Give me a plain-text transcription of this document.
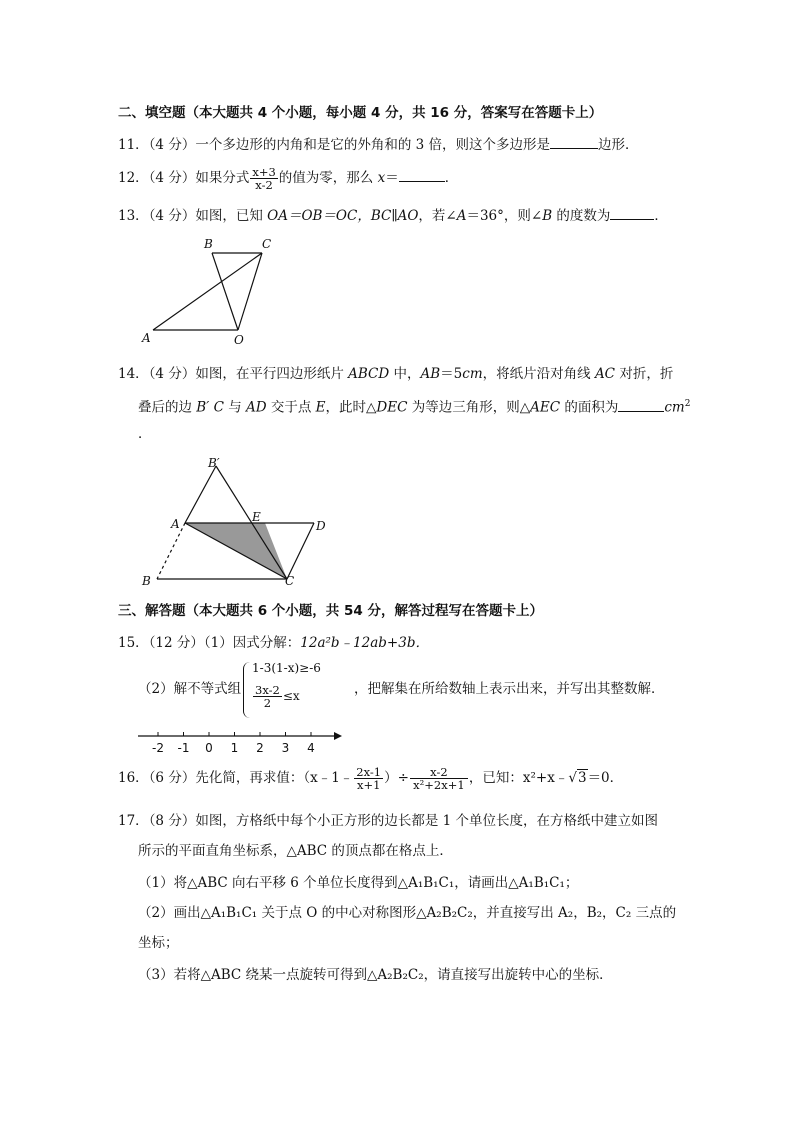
二、填空题（本大题共 4 个小题，每小题 4 分，共 16 分，答案写在答题卡上）
11．（4 分）一个多边形的内角和是它的外角和的 3 倍，则这个多边形是	边形．
12．（4 分）如果分式 $\frac{x+3}{x-2}$ 的值为零，那么 x＝	．
13．（4 分）如图，已知 OA＝OB＝OC，BC∥AO，若∠A＝36°，则∠B 的度数为	．
B	C
A	O
14．（4 分）如图，在平行四边形纸片 ABCD 中，AB＝5cm，将纸片沿对角线 AC 对折，折
叠后的边 B′ C 与 AD 交于点 E，此时△DEC 为等边三角形，则△AEC 的面积为	$cm^2$
．
B′
A	E
D
B	C
三、解答题（本大题共 6 个小题，共 54 分，解答过程写在答题卡上）
15．（12 分）（1）因式分解：12a²b﹣12ab+3b．
（2）解不等式组
1-3(1-x)≥-6
$\frac{3x-2}{2} \le x$	，把解集在所给数轴上表示出来，并写出其整数解．
-2 -1 0 1 2 3 4
16．（6 分）先化简，再求值：（x﹣1﹣ $\frac{2x-1}{x+1}$ ）÷ $\frac{x-2}{\text{x²+2x+1}}$ ，已知：x²+x﹣√3＝0．
17．（8 分）如图，方格纸中每个小正方形的边长都是 1 个单位长度，在方格纸中建立如图
所示的平面直角坐标系，△ABC 的顶点都在格点上．
（1）将△ABC 向右平移 6 个单位长度得到△A₁B₁C₁，请画出△A₁B₁C₁；
（2）画出△A₁B₁C₁ 关于点 O 的中心对称图形△A₂B₂C₂，并直接写出 A₂，B₂，C₂ 三点的
坐标；
（3）若将△ABC 绕某一点旋转可得到△A₂B₂C₂，请直接写出旋转中心的坐标．
